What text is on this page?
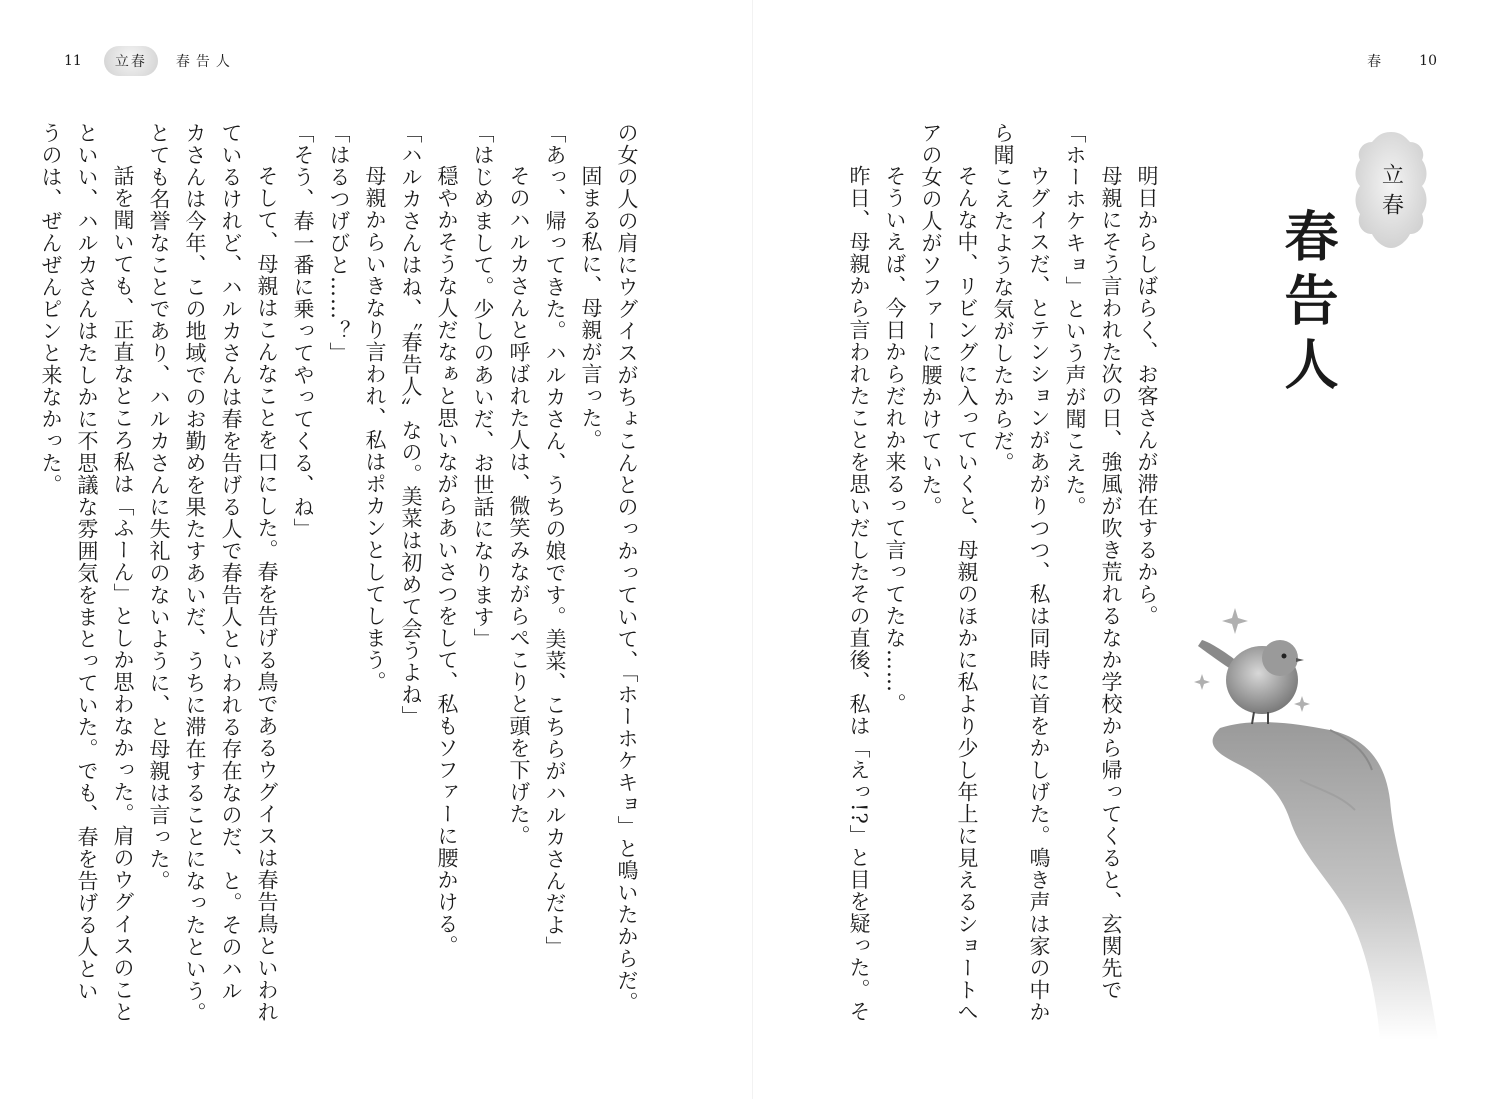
11	立春	春告人	春	10
立春
春告人
　明日からしばらく、お客さんが滞在するから。
　母親にそう言われた次の日、強風が吹き荒れるなか学校から帰ってくると、玄関先で
「ホーホケキョ」という声が聞こえた。
　ウグイスだ、とテンションがあがりつつ、私は同時に首をかしげた。鳴き声は家の中か
ら聞こえたような気がしたからだ。
　そんな中、リビングに入っていくと、母親のほかに私より少し年上に見えるショートへ
アの女の人がソファーに腰かけていた。
　そういえば、今日からだれか来るって言ってたな……。
　昨日、母親から言われたことを思いだしたその直後、私は「えっ!?」と目を疑った。そ
の女の人の肩にウグイスがちょこんとのっかっていて、「ホーホケキョ」と鳴いたからだ。
　固まる私に、母親が言った。
「あっ、帰ってきた。ハルカさん、うちの娘です。美菜、こちらがハルカさんだよ」
　そのハルカさんと呼ばれた人は、微笑みながらぺこりと頭を下げた。
「はじめまして。少しのあいだ、お世話になります」
　穏やかそうな人だなぁと思いながらあいさつをして、私もソファーに腰かける。
「ハルカさんはね、〝春告人〟なの。美菜は初めて会うよね」
　母親からいきなり言われ、私はポカンとしてしまう。
「はるつげびと……？」
「そう、春一番に乗ってやってくる、ね」
　そして、母親はこんなことを口にした。春を告げる鳥であるウグイスは春告鳥といわれ
ているけれど、ハルカさんは春を告げる人で春告人といわれる存在なのだ、と。そのハル
カさんは今年、この地域でのお勤めを果たすあいだ、うちに滞在することになったという。
とても名誉なことであり、ハルカさんに失礼のないように、と母親は言った。
　話を聞いても、正直なところ私は「ふーん」としか思わなかった。肩のウグイスのこと
といい、ハルカさんはたしかに不思議な雰囲気をまとっていた。でも、春を告げる人とい
うのは、ぜんぜんピンと来なかった。
